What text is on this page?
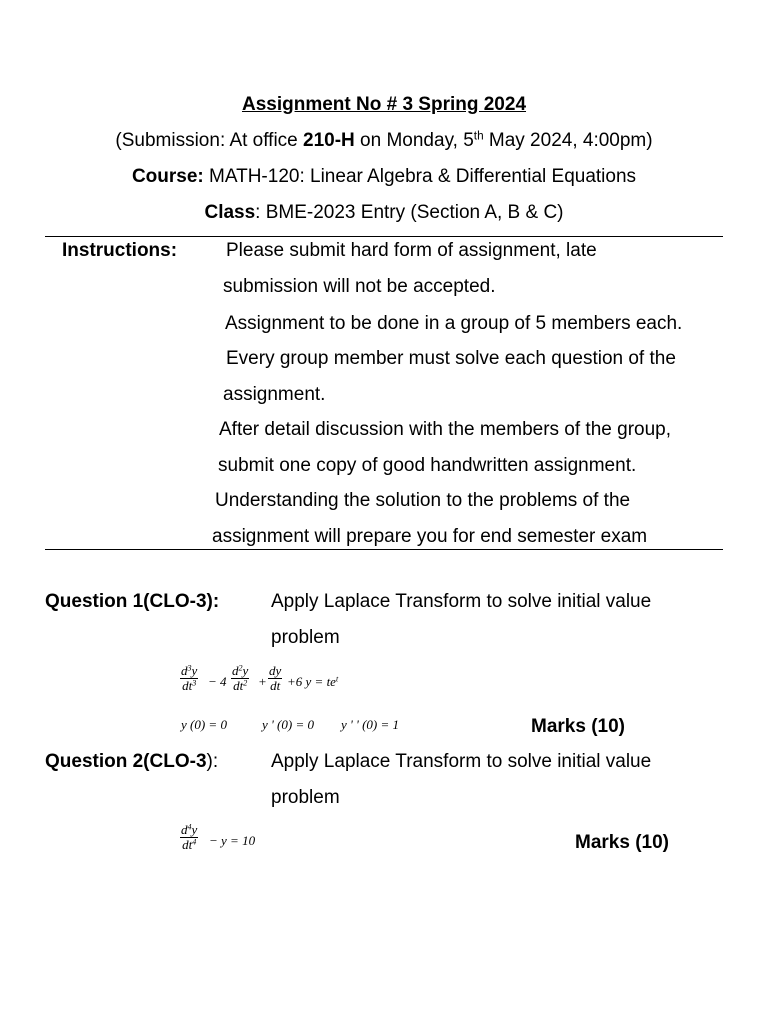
Assignment No # 3 Spring 2024
(Submission: At office 210-H on Monday, 5th May 2024, 4:00pm)
Course: MATH-120: Linear Algebra & Differential Equations
Class: BME-2023 Entry (Section A, B & C)
Instructions:	Please submit hard form of assignment, late
submission will not be accepted.
Assignment to be done in a group of 5 members each.
Every group member must solve each question of the
assignment.
After detail discussion with the members of the group,
submit one copy of good handwritten assignment.
Understanding the solution to the problems of the
assignment will prepare you for end semester exam
Question 1(CLO-3):	Apply Laplace Transform to solve initial value
problem
$\frac{d^3y}{dt^3} - 4 \frac{d^2y}{dt^2} + \frac{dy}{dt} +6$ $y = te^t$
y (0) = 0	y ' (0) = 0 y ' ' (0) = 1	Marks (10)
Question 2(CLO-3):	Apply Laplace Transform to solve initial value
problem
$\frac{d^4y}{dt^4} - y = 10$	Marks (10)
